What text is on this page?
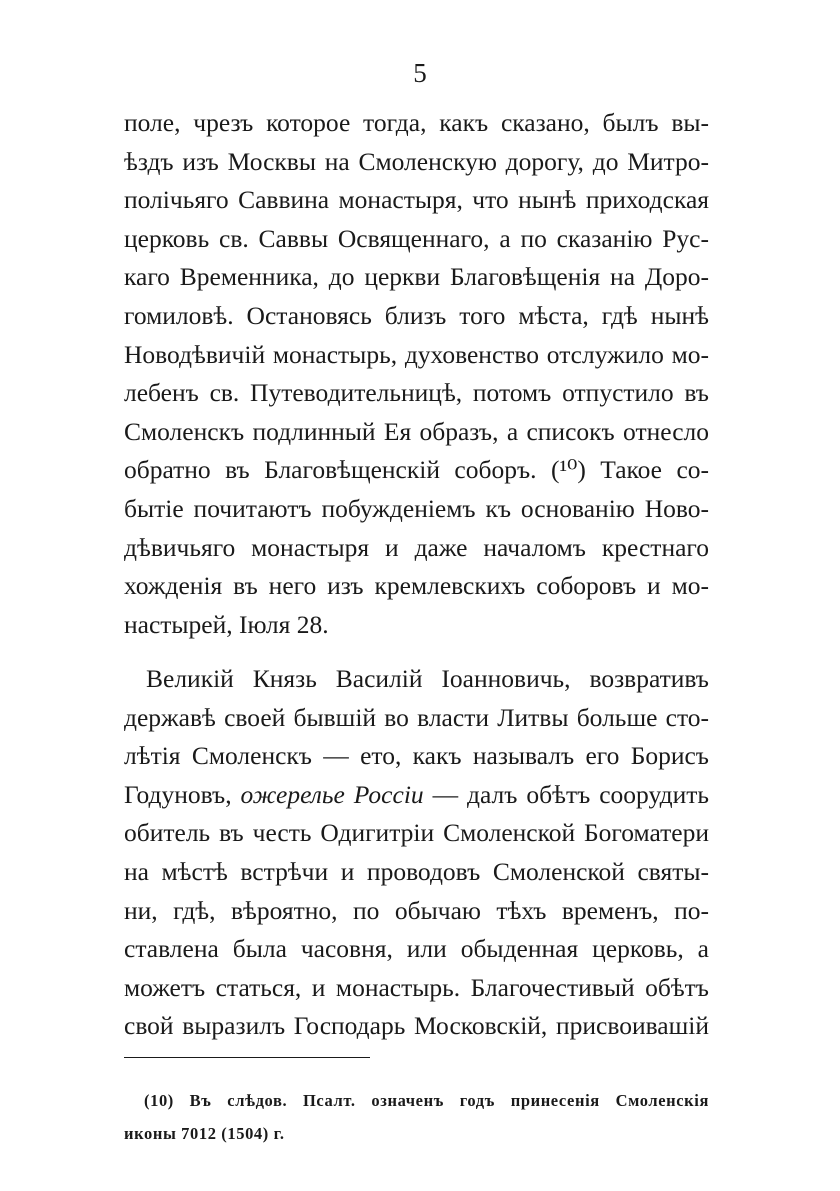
5
поле, чрезъ которое тогда, какъ сказано, былъ вы-
ѣздъ изъ Москвы на Смоленскую дорогу, до Митро-
полічьяго Саввина монастыря, что нынѣ приходская
церковь св. Саввы Освященнаго, а по сказанію Рус-
каго Временника, до церкви Благовѣщенія на Доро-
гомиловѣ. Остановясь близъ того мѣста, гдѣ нынѣ
Новодѣвичій монастырь, духовенство отслужило мо-
лебенъ св. Путеводительницѣ, потомъ отпустило въ
Смоленскъ подлинный Ея образъ, а списокъ отнесло
обратно въ Благовѣщенскій соборъ. (¹⁰) Такое со-
бытіе почитаютъ побужденіемъ къ основанію Ново-
дѣвичьяго монастыря и даже началомъ крестнаго
хожденія въ него изъ кремлевскихъ соборовъ и мо-
настырей, Іюля 28.
Великій Князь Василій Іоанновичь, возвративъ
державѣ своей бывшій во власти Литвы больше сто-
лѣтія Смоленскъ — ето, какъ называлъ его Борисъ
Годуновъ, ожерелье Россіи — далъ обѣтъ соорудить
обитель въ честь Одигитріи Смоленской Богоматери
на мѣстѣ встрѣчи и проводовъ Смоленской святы-
ни, гдѣ, вѣроятно, по обычаю тѣхъ временъ, по-
ставлена была часовня, или обыденная церковь, а
можетъ статься, и монастырь. Благочестивый обѣтъ
свой выразилъ Господарь Московскій, присвоивашій
(10) Въ слѣдов. Псалт. означенъ годъ принесенія Смоленскія
иконы 7012 (1504) г.
